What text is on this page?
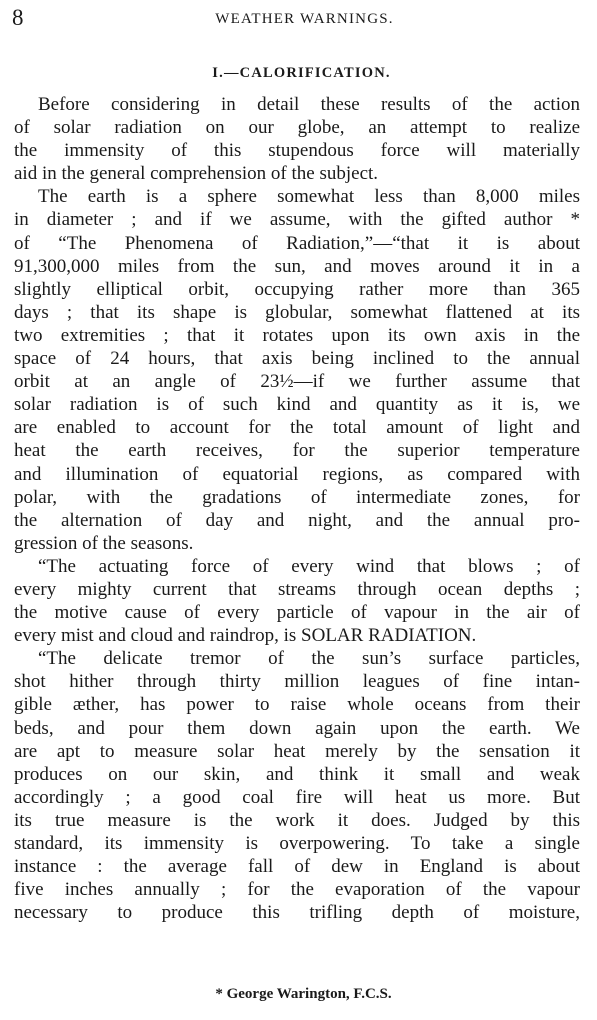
8	WEATHER WARNINGS.
I.—CALORIFICATION.
Before considering in detail these results of the action
of solar radiation on our globe, an attempt to realize
the immensity of this stupendous force will materially
aid in the general comprehension of the subject.
The earth is a sphere somewhat less than 8,000 miles
in diameter ; and if we assume, with the gifted author *
of “The Phenomena of Radiation,”—“that it is about
91,300,000 miles from the sun, and moves around it in a
slightly elliptical orbit, occupying rather more than 365
days ; that its shape is globular, somewhat flattened at its
two extremities ; that it rotates upon its own axis in the
space of 24 hours, that axis being inclined to the annual
orbit at an angle of 23½—if we further assume that
solar radiation is of such kind and quantity as it is, we
are enabled to account for the total amount of light and
heat the earth receives, for the superior temperature
and illumination of equatorial regions, as compared with
polar, with the gradations of intermediate zones, for
the alternation of day and night, and the annual pro-
gression of the seasons.
“The actuating force of every wind that blows ; of
every mighty current that streams through ocean depths ;
the motive cause of every particle of vapour in the air of
every mist and cloud and raindrop, is SOLAR RADIATION.
“The delicate tremor of the sun’s surface particles,
shot hither through thirty million leagues of fine intan-
gible æther, has power to raise whole oceans from their
beds, and pour them down again upon the earth. We
are apt to measure solar heat merely by the sensation it
produces on our skin, and think it small and weak
accordingly ; a good coal fire will heat us more. But
its true measure is the work it does. Judged by this
standard, its immensity is overpowering. To take a single
instance : the average fall of dew in England is about
five inches annually ; for the evaporation of the vapour
necessary to produce this trifling depth of moisture,
* George Warington, F.C.S.
